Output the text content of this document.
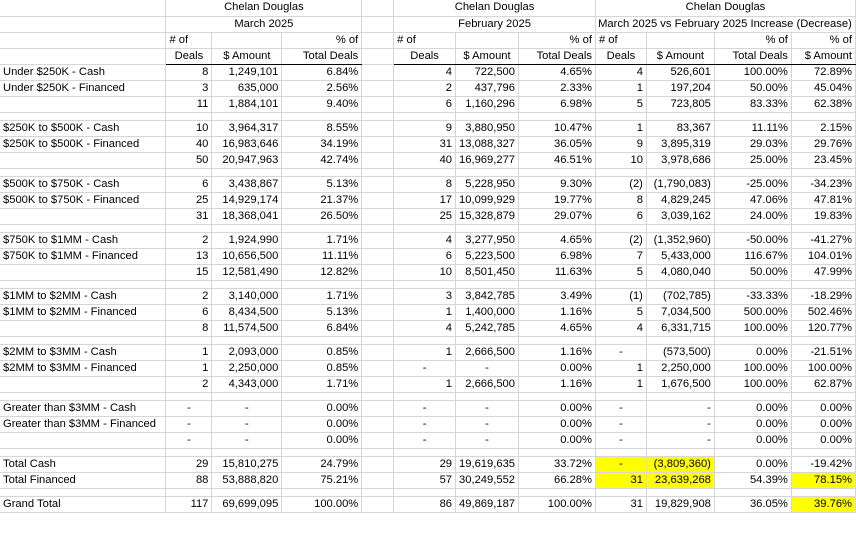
	Chelan Douglas				Chelan Douglas			Chelan Douglas			
	March 2025				February 2025			March 2025 vs February 2025 Increase (Decrease)			
	# of		% of		# of		% of	# of		% of	% of
	Deals	$ Amount	Total Deals		Deals	$ Amount	Total Deals	Deals	$ Amount	Total Deals	$ Amount
Under $250K - Cash	8	1,249,101	6.84%		4	722,500	4.65%	4	526,601	100.00%	72.89%
Under $250K - Financed	3	635,000	2.56%		2	437,796	2.33%	1	197,204	50.00%	45.04%
	11	1,884,101	9.40%		6	1,160,296	6.98%	5	723,805	83.33%	62.38%

$250K to $500K - Cash	10	3,964,317	8.55%		9	3,880,950	10.47%	1	83,367	11.11%	2.15%
$250K to $500K - Financed	40	16,983,646	34.19%		31	13,088,327	36.05%	9	3,895,319	29.03%	29.76%
	50	20,947,963	42.74%		40	16,969,277	46.51%	10	3,978,686	25.00%	23.45%

$500K to $750K - Cash	6	3,438,867	5.13%		8	5,228,950	9.30%	(2)	(1,790,083)	-25.00%	-34.23%
$500K to $750K - Financed	25	14,929,174	21.37%		17	10,099,929	19.77%	8	4,829,245	47.06%	47.81%
	31	18,368,041	26.50%		25	15,328,879	29.07%	6	3,039,162	24.00%	19.83%

$750K to $1MM - Cash	2	1,924,990	1.71%		4	3,277,950	4.65%	(2)	(1,352,960)	-50.00%	-41.27%
$750K to $1MM - Financed	13	10,656,500	11.11%		6	5,223,500	6.98%	7	5,433,000	116.67%	104.01%
	15	12,581,490	12.82%		10	8,501,450	11.63%	5	4,080,040	50.00%	47.99%

$1MM to $2MM - Cash	2	3,140,000	1.71%		3	3,842,785	3.49%	(1)	(702,785)	-33.33%	-18.29%
$1MM to $2MM - Financed	6	8,434,500	5.13%		1	1,400,000	1.16%	5	7,034,500	500.00%	502.46%
	8	11,574,500	6.84%		4	5,242,785	4.65%	4	6,331,715	100.00%	120.77%

$2MM to $3MM - Cash	1	2,093,000	0.85%		1	2,666,500	1.16%	-	(573,500)	0.00%	-21.51%
$2MM to $3MM - Financed	1	2,250,000	0.85%		-	-	0.00%	1	2,250,000	100.00%	100.00%
	2	4,343,000	1.71%		1	2,666,500	1.16%	1	1,676,500	100.00%	62.87%

Greater than $3MM - Cash	-	-	0.00%		-	-	0.00%	-	-	0.00%	0.00%
Greater than $3MM - Financed	-	-	0.00%		-	-	0.00%	-	-	0.00%	0.00%
	-	-	0.00%		-	-	0.00%	-	-	0.00%	0.00%

Total Cash	29	15,810,275	24.79%		29	19,619,635	33.72%	-	(3,809,360)	0.00%	-19.42%
Total Financed	88	53,888,820	75.21%		57	30,249,552	66.28%	31	23,639,268	54.39%	78.15%

Grand Total	117	69,699,095	100.00%		86	49,869,187	100.00%	31	19,829,908	36.05%	39.76%
